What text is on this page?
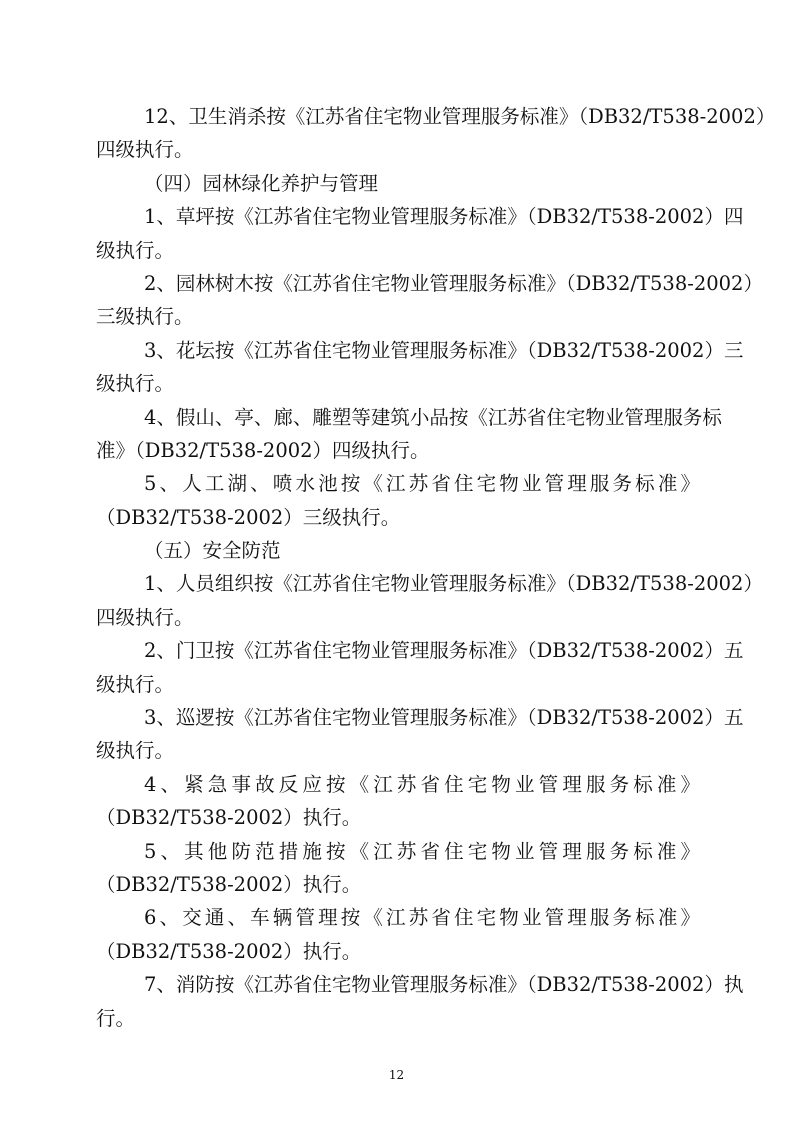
12、卫生消杀按《江苏省住宅物业管理服务标准》（DB32/T538-2002）
四级执行。
（四）园林绿化养护与管理
1、草坪按《江苏省住宅物业管理服务标准》（DB32/T538-2002）四
级执行。
2、园林树木按《江苏省住宅物业管理服务标准》（DB32/T538-2002）
三级执行。
3、花坛按《江苏省住宅物业管理服务标准》（DB32/T538-2002）三
级执行。
4、假山、亭、廊、雕塑等建筑小品按《江苏省住宅物业管理服务标
准》（DB32/T538-2002）四级执行。
5、人工湖、喷水池按《江苏省住宅物业管理服务标准》
（DB32/T538-2002）三级执行。
（五）安全防范
1、人员组织按《江苏省住宅物业管理服务标准》（DB32/T538-2002）
四级执行。
2、门卫按《江苏省住宅物业管理服务标准》（DB32/T538-2002）五
级执行。
3、巡逻按《江苏省住宅物业管理服务标准》（DB32/T538-2002）五
级执行。
4、紧急事故反应按《江苏省住宅物业管理服务标准》
（DB32/T538-2002）执行。
5、其他防范措施按《江苏省住宅物业管理服务标准》
（DB32/T538-2002）执行。
6、交通、车辆管理按《江苏省住宅物业管理服务标准》
（DB32/T538-2002）执行。
7、消防按《江苏省住宅物业管理服务标准》（DB32/T538-2002）执
行。
12
